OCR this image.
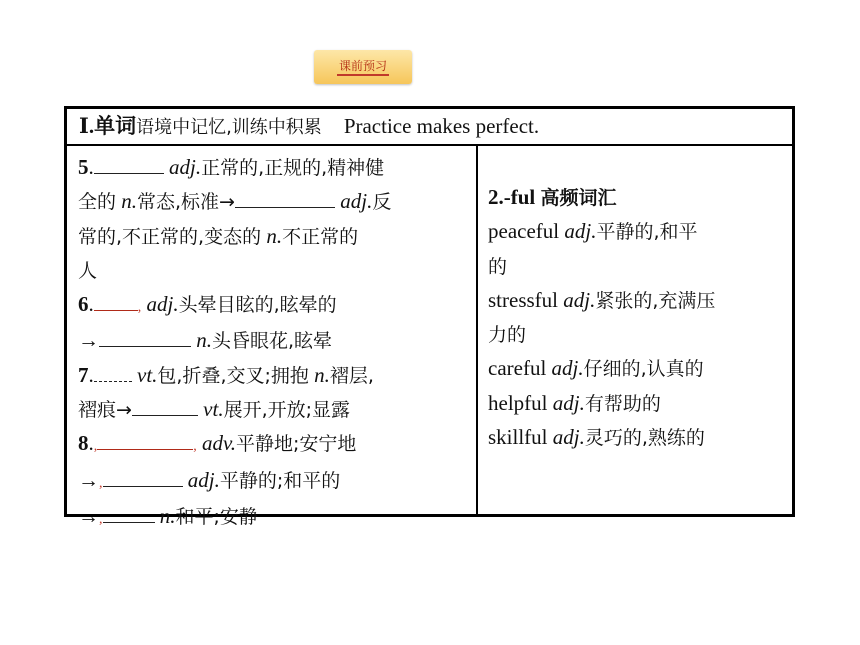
课前预习
Ⅰ.单词语境中记忆,训练中积累 Practice makes perfect.
5.	adj.正常的,正规的,精神健
全的 n.常态,标准→	adj.反
常的,不正常的,变态的 n.不正常的
人
6.	, adj.头晕目眩的,眩晕的
→	n.头昏眼花,眩晕
7. vt.包,折叠,交叉;拥抱 n.褶层,
褶痕→	vt.展开,开放;显露
8.,	, adv.平静地;安宁地
→,	adj.平静的;和平的
→,	n.和平;安静
2.-ful 高频词汇
peaceful adj.平静的,和平
的
stressful adj.紧张的,充满压
力的
careful adj.仔细的,认真的
helpful adj.有帮助的
skillful adj.灵巧的,熟练的
